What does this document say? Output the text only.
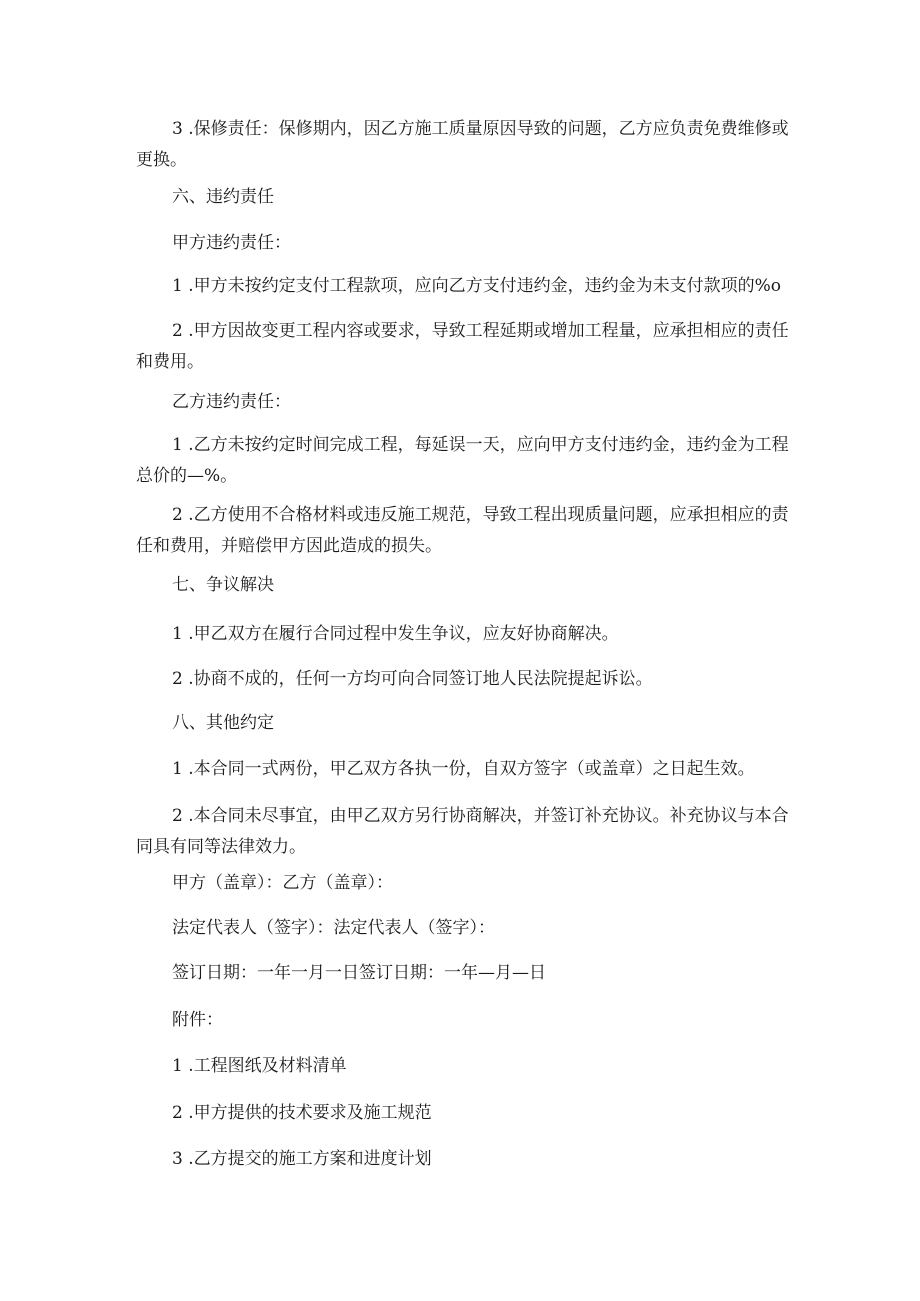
3 .保修责任：保修期内，因乙方施工质量原因导致的问题，乙方应负责免费维修或更换。

六、违约责任

甲方违约责任：

1 .甲方未按约定支付工程款项，应向乙方支付违约金，违约金为未支付款项的%o

2 .甲方因故变更工程内容或要求，导致工程延期或增加工程量，应承担相应的责任和费用。

乙方违约责任：

1 .乙方未按约定时间完成工程，每延误一天，应向甲方支付违约金，违约金为工程总价的—%。

2 .乙方使用不合格材料或违反施工规范，导致工程出现质量问题，应承担相应的责任和费用，并赔偿甲方因此造成的损失。

七、争议解决

1 .甲乙双方在履行合同过程中发生争议，应友好协商解决。

2 .协商不成的，任何一方均可向合同签订地人民法院提起诉讼。

八、其他约定

1 .本合同一式两份，甲乙双方各执一份，自双方签字（或盖章）之日起生效。

2 .本合同未尽事宜，由甲乙双方另行协商解决，并签订补充协议。补充协议与本合同具有同等法律效力。

甲方（盖章）：乙方（盖章）：

法定代表人（签字）：法定代表人（签字）：

签订日期：一年一月一日签订日期：一年—月—日

附件：

1 .工程图纸及材料清单

2 .甲方提供的技术要求及施工规范

3 .乙方提交的施工方案和进度计划
